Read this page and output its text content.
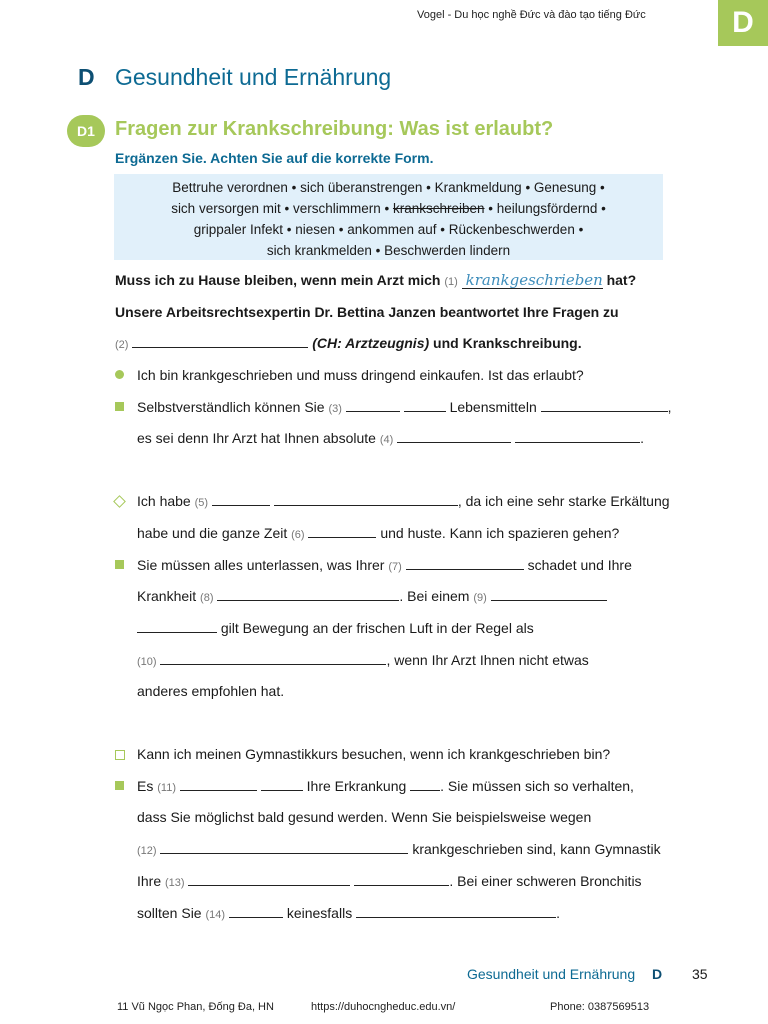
Vogel - Du học nghề Đức và đào tạo tiếng Đức	D
D Gesundheit und Ernährung
D1	Fragen zur Krankschreibung: Was ist erlaubt?
Ergänzen Sie. Achten Sie auf die korrekte Form.
Bettruhe verordnen • sich überanstrengen • Krankmeldung • Genesung •
sich versorgen mit • verschlimmern • krankschreiben • heilungsfördernd •
grippaler Infekt • niesen • ankommen auf • Rückenbeschwerden •
sich krankmelden • Beschwerden lindern
Muss ich zu Hause bleiben, wenn mein Arzt mich (1) krankgeschrieben hat?
Unsere Arbeitsrechtsexpertin Dr. Bettina Janzen beantwortet Ihre Fragen zu
(2)	(CH: Arztzeugnis) und Krankschreibung.
Ich bin krankgeschrieben und muss dringend einkaufen. Ist das erlaubt?
Selbstverständlich können Sie (3)	Lebensmitteln	,
es sei denn Ihr Arzt hat Ihnen absolute (4)	.
Ich habe (5)	, da ich eine sehr starke Erkältung
habe und die ganze Zeit (6)	und huste. Kann ich spazieren gehen?
Sie müssen alles unterlassen, was Ihrer (7)	schadet und Ihre
Krankheit (8)	. Bei einem (9)
gilt Bewegung an der frischen Luft in der Regel als
(10)	, wenn Ihr Arzt Ihnen nicht etwas
anderes empfohlen hat.
Kann ich meinen Gymnastikkurs besuchen, wenn ich krankgeschrieben bin?
Es (11)	Ihre Erkrankung . Sie müssen sich so verhalten,
dass Sie möglichst bald gesund werden. Wenn Sie beispielsweise wegen
(12)	krankgeschrieben sind, kann Gymnastik
Ihre (13)	. Bei einer schweren Bronchitis
sollten Sie (14)	keinesfalls	.
Gesundheit und Ernährung D 35
11 Vũ Ngọc Phan, Đống Đa, HN	https://duhocngheduc.edu.vn/	Phone: 0387569513
